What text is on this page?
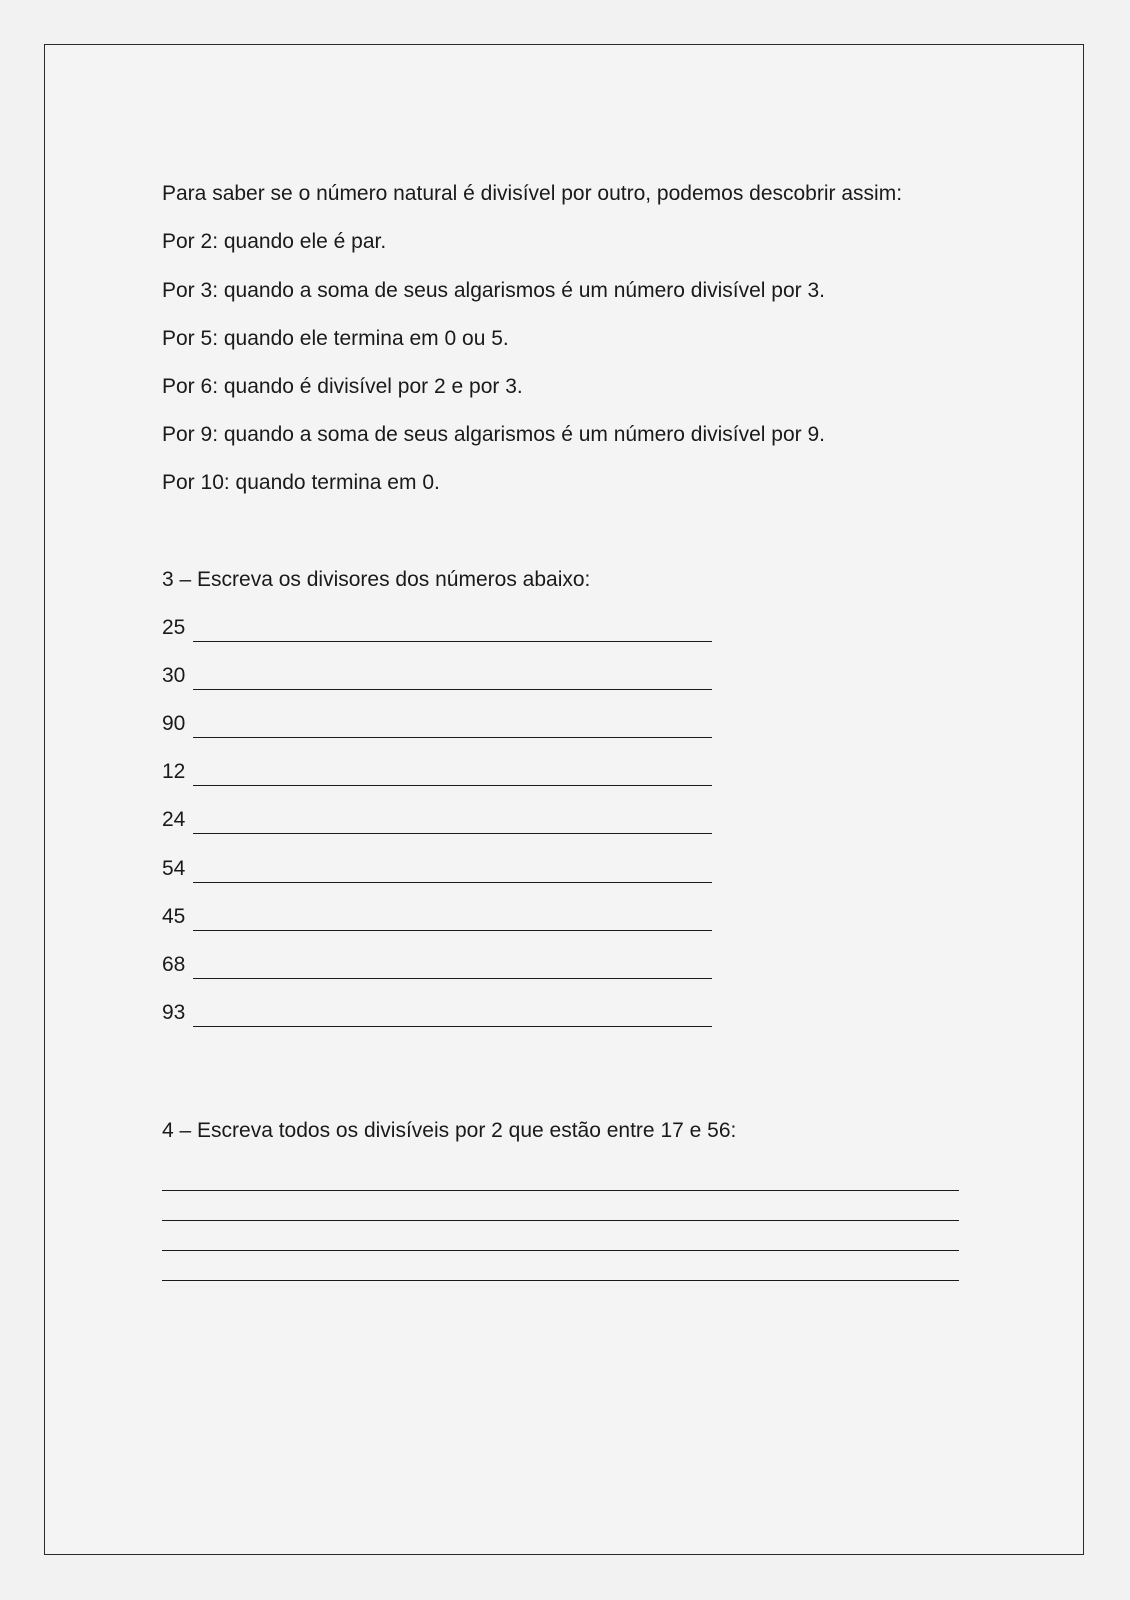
Para saber se o número natural é divisível por outro, podemos descobrir assim:
Por 2: quando ele é par.
Por 3: quando a soma de seus algarismos é um número divisível por 3.
Por 5: quando ele termina em 0 ou 5.
Por 6: quando é divisível por 2 e por 3.
Por 9: quando a soma de seus algarismos é um número divisível por 9.
Por 10: quando termina em 0.
3 – Escreva os divisores dos números abaixo:
25
30
90
12
24
54
45
68
93
4 – Escreva todos os divisíveis por 2 que estão entre 17 e 56:
